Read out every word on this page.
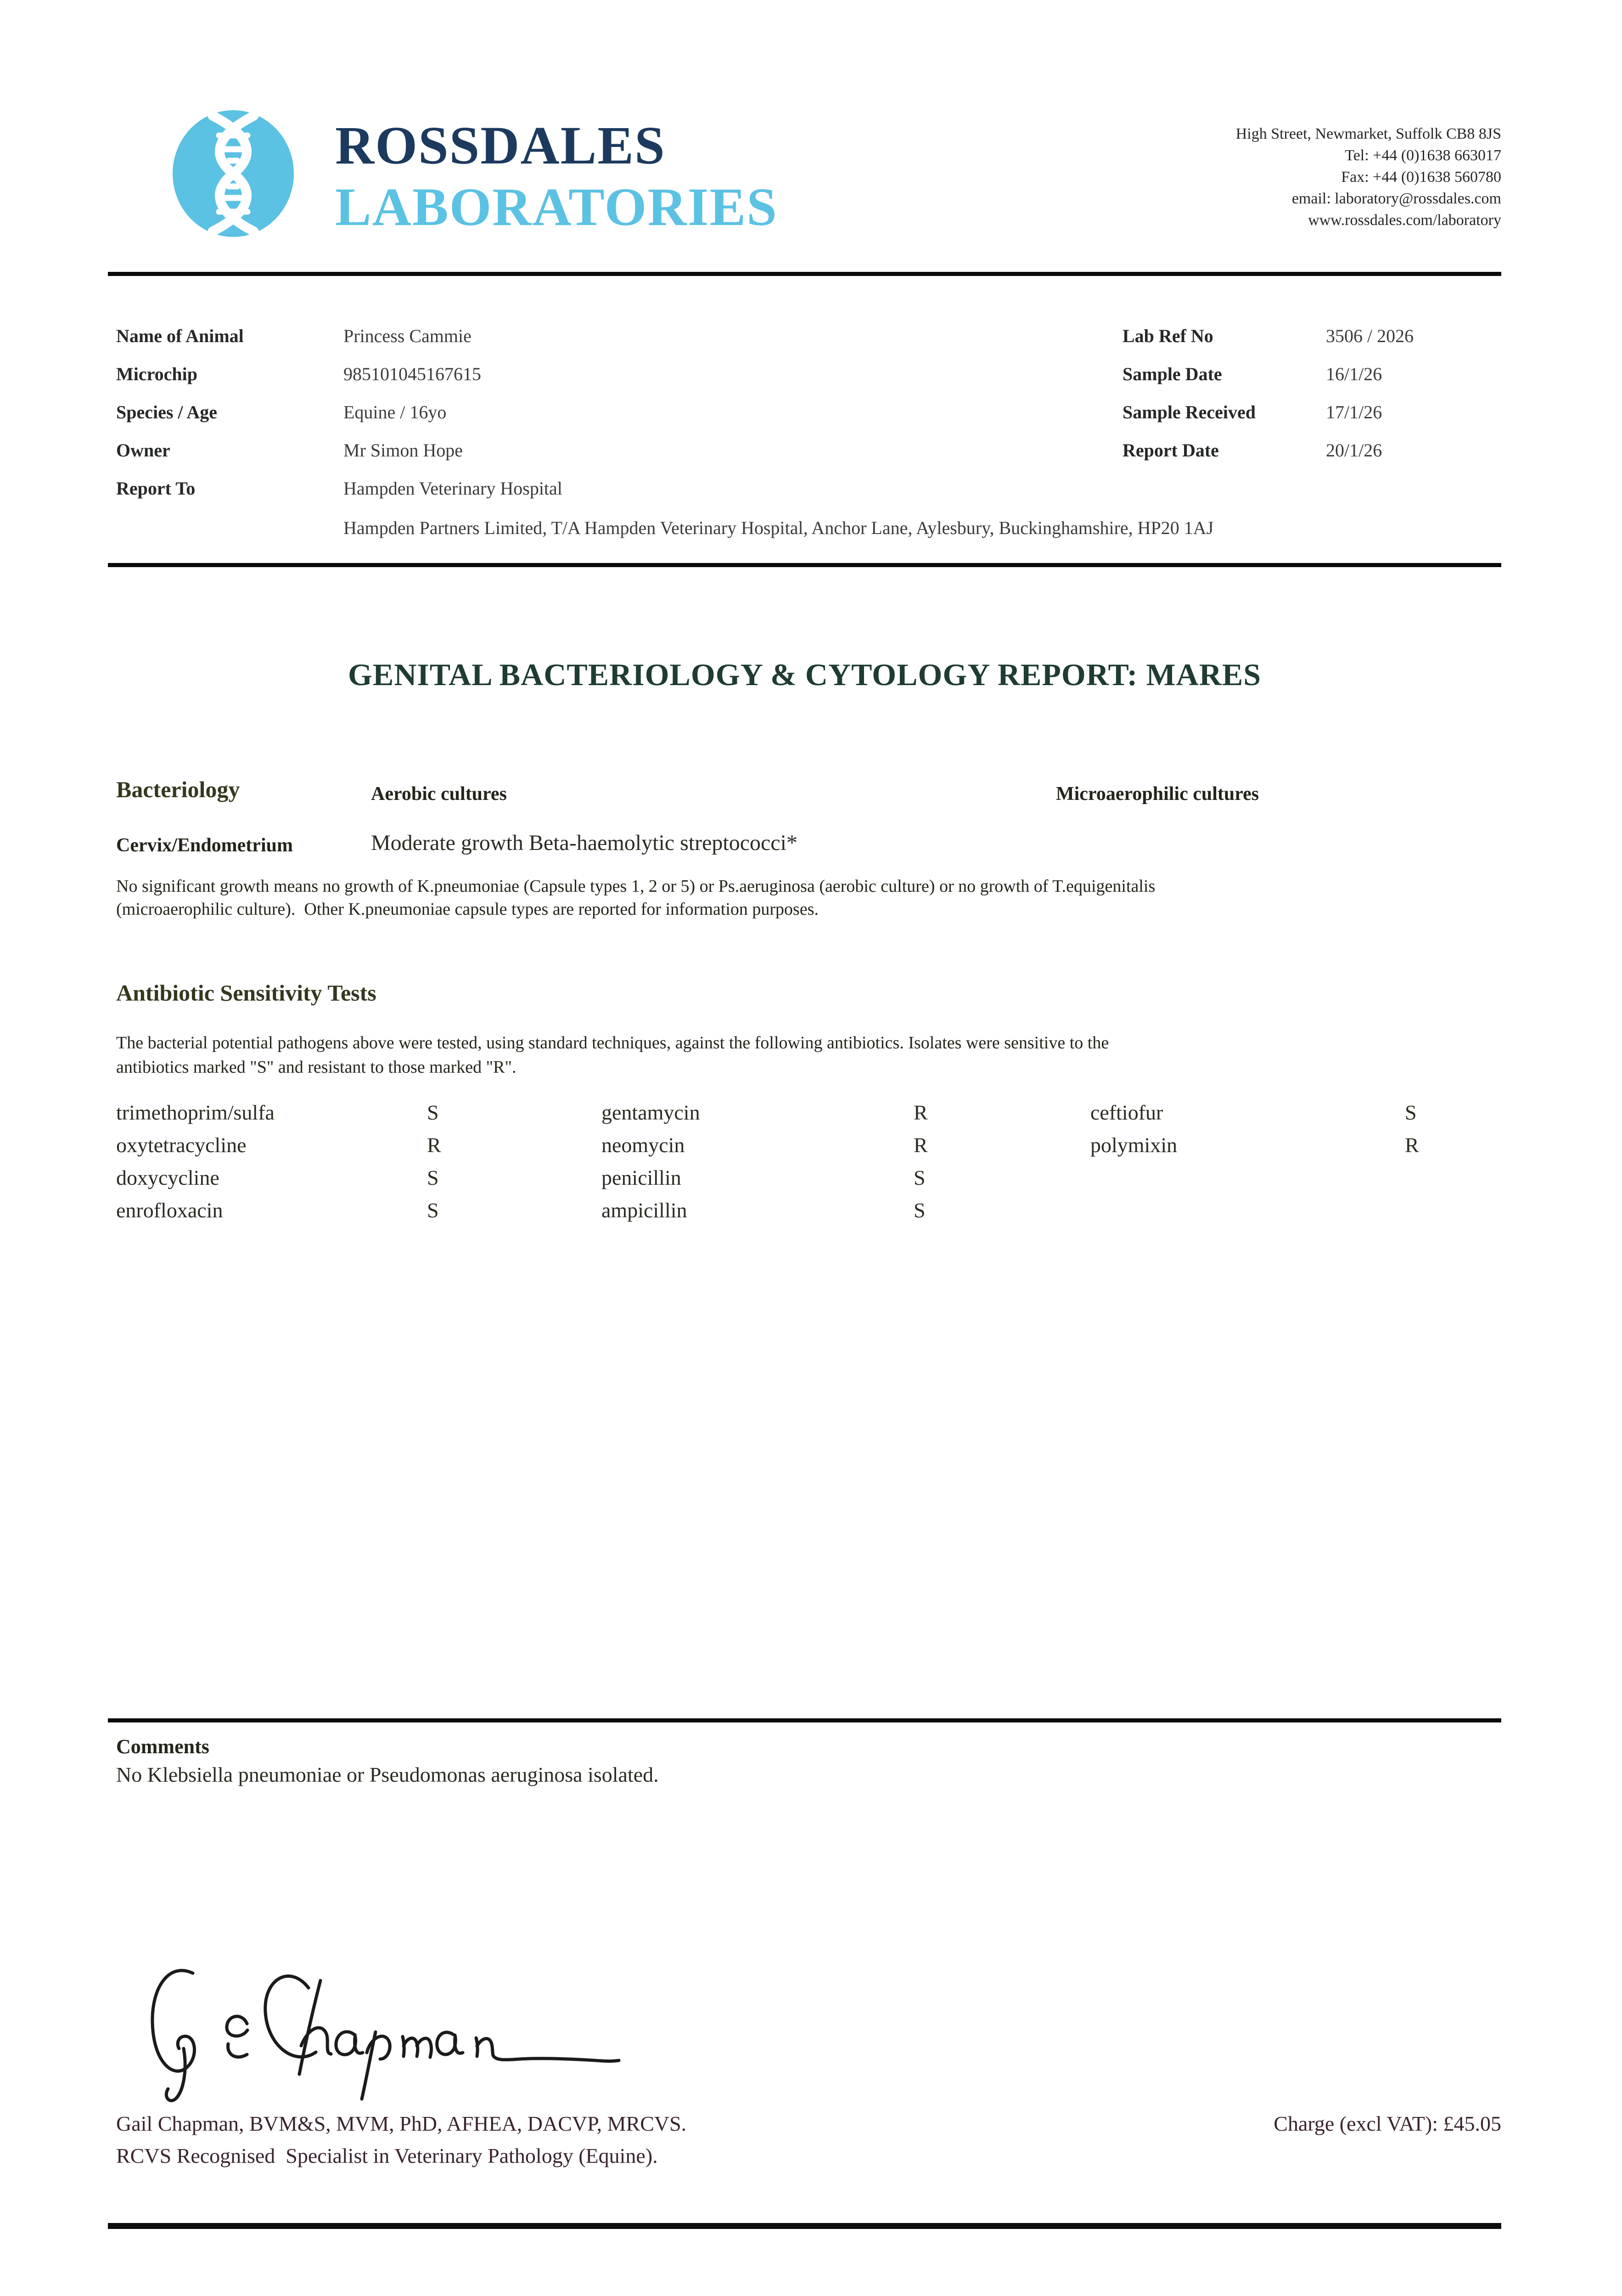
ROSSDALES
LABORATORIES
High Street, Newmarket, Suffolk CB8 8JS
Tel: +44 (0)1638 663017
Fax: +44 (0)1638 560780
email: laboratory@rossdales.com
www.rossdales.com/laboratory
Name of Animal	Princess Cammie
Microchip	985101045167615
Species / Age	Equine / 16yo
Owner	Mr Simon Hope
Report To	Hampden Veterinary Hospital
Hampden Partners Limited, T/A Hampden Veterinary Hospital, Anchor Lane, Aylesbury, Buckinghamshire, HP20 1AJ
Lab Ref No	3506 / 2026
Sample Date	16/1/26
Sample Received	17/1/26
Report Date	20/1/26
GENITAL BACTERIOLOGY & CYTOLOGY REPORT: MARES
Bacteriology	Aerobic cultures	Microaerophilic cultures
Cervix/Endometrium	Moderate growth Beta-haemolytic streptococci*
No significant growth means no growth of K.pneumoniae (Capsule types 1, 2 or 5) or Ps.aeruginosa (aerobic culture) or no growth of T.equigenitalis
(microaerophilic culture).  Other K.pneumoniae capsule types are reported for information purposes.
Antibiotic Sensitivity Tests
The bacterial potential pathogens above were tested, using standard techniques, against the following antibiotics. Isolates were sensitive to the
antibiotics marked "S" and resistant to those marked "R".
trimethoprim/sulfa	S	gentamycin	R	ceftiofur	S
oxytetracycline	R	neomycin	R	polymixin	R
doxycycline	S	penicillin	S
enrofloxacin	S	ampicillin	S
Comments
No Klebsiella pneumoniae or Pseudomonas aeruginosa isolated.
Gail Chapman, BVM&S, MVM, PhD, AFHEA, DACVP, MRCVS.	Charge (excl VAT): £45.05
RCVS Recognised  Specialist in Veterinary Pathology (Equine).
